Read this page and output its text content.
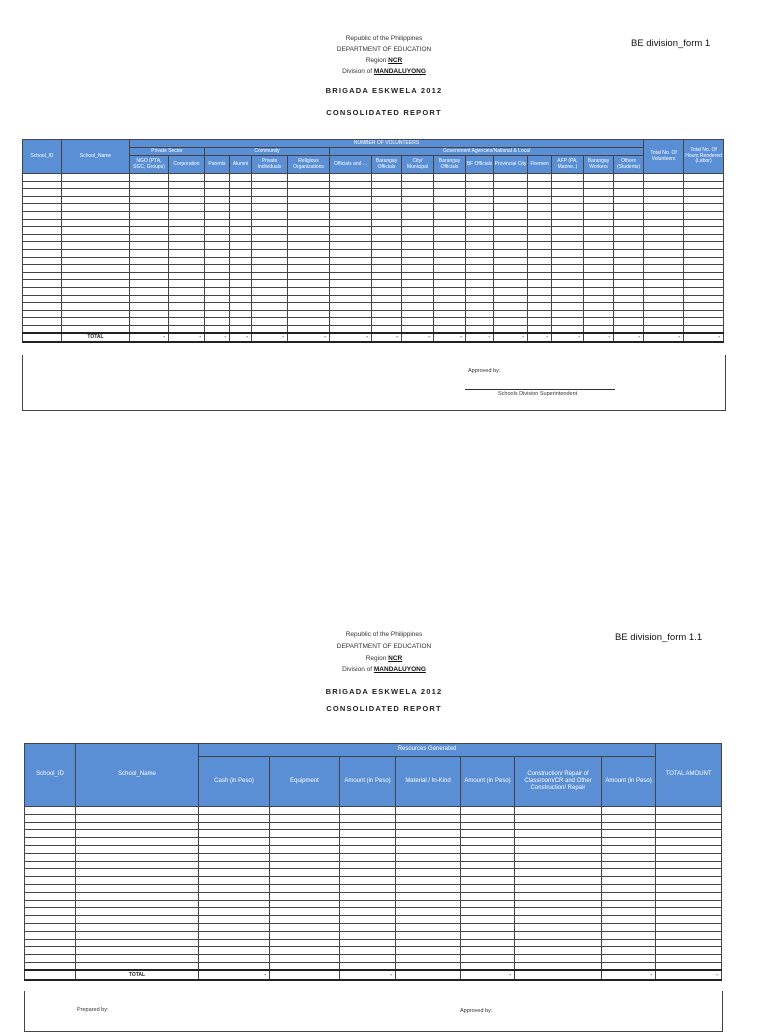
Republic of the Philippines
DEPARTMENT OF EDUCATION
Region NCR
Division of MANDALUYONG
BRIGADA ESKWELA 2012
CONSOLIDATED REPORT
BE division_form 1
School_ID	School_Name	NUMBER OF VOLUNTEERS																Total No. Of Volunteers	Total No. Of Hours Rendered (Labor)
		Private Sector		Community				Government Agencies/National & Local											
		NGO (PTA, SGC, Groups)	Corporation	Parents	Alumni	Private Individuals	Religious Organizations	Officials and ...	Barangay Officials	City/ Municipal	Barangay Officials	BF Officials	Provincial City	Firemen	AFP (PA, Marine..)	Barangay Workers	Others (Students)		

	TOTAL	-	-	-	-	-	-	-	-	-	-	-	-	-	-	-	-	-	-
Approved by:
Schools Division Superintendent
Republic of the Philippines
DEPARTMENT OF EDUCATION
Region NCR
Division of MANDALUYONG
BRIGADA ESKWELA 2012
CONSOLIDATED REPORT
BE division_form 1.1
School_ID	School_Name	Resources Generated							TOTAL AMOUNT
		Cash (in Peso)	Equipment	Amount (in Peso)	Material / In-Kind	Amount (in Peso)	Construction/ Repair of Classroom/CR and Other Construction/ Repair	Amount (in Peso)	

	TOTAL	-		-		-		-	-
Prepared by:	Approved by:
